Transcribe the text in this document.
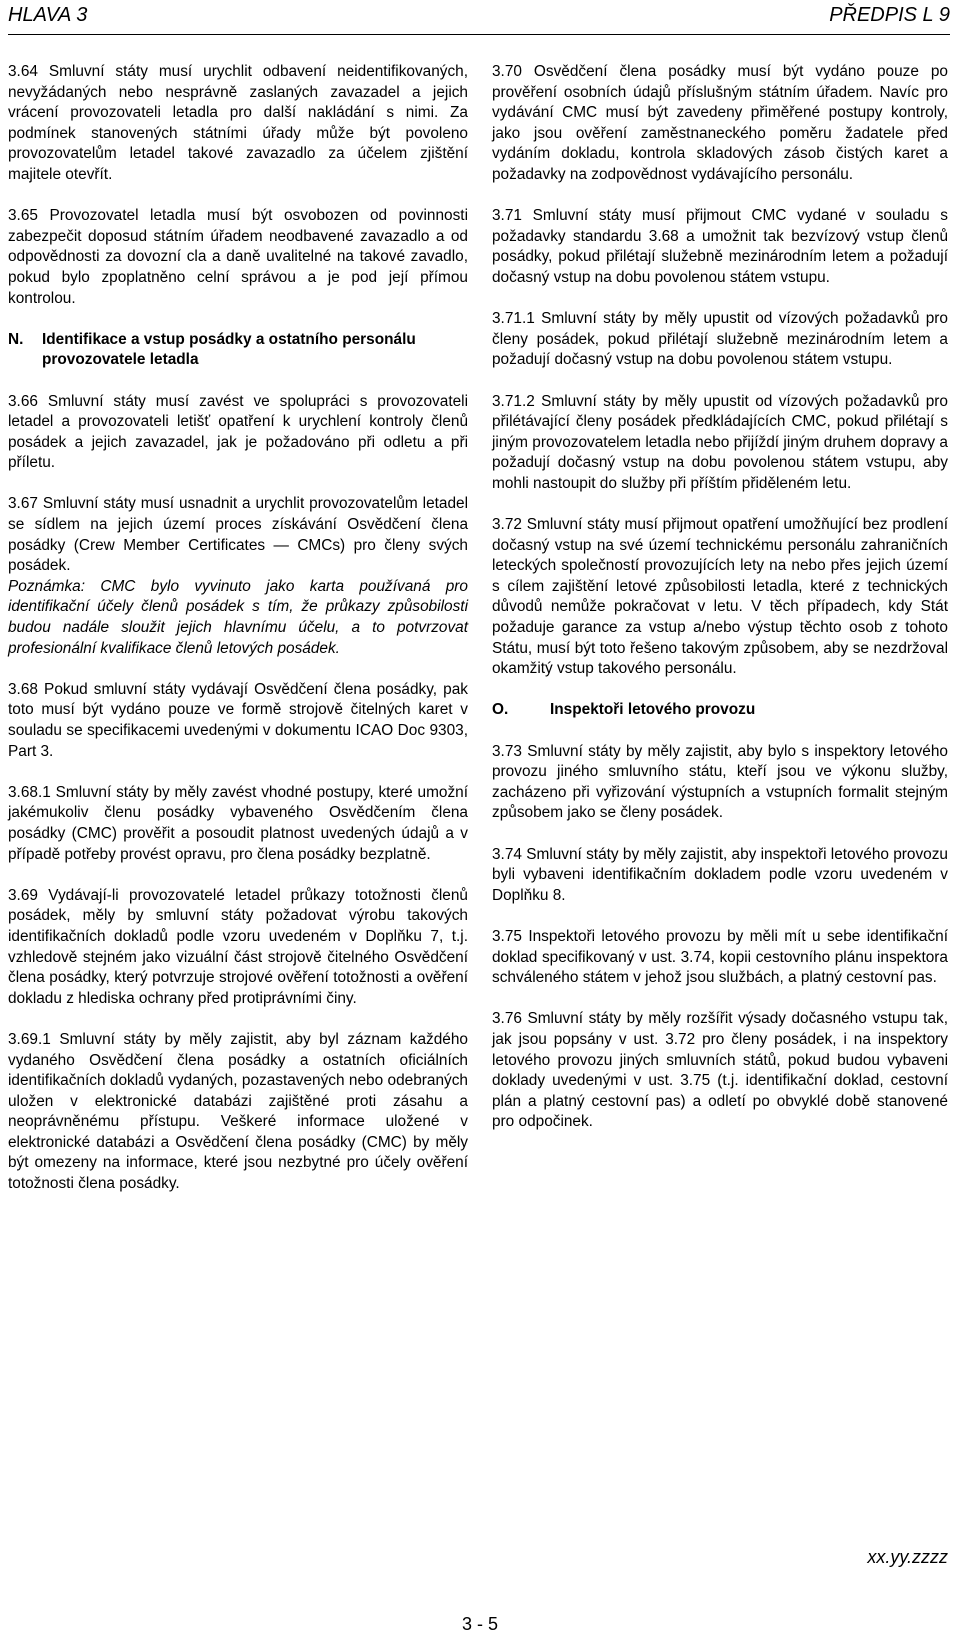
HLAVA 3	PŘEDPIS L 9

3.64 Smluvní státy musí urychlit odbavení neidentifikovaných, nevyžádaných nebo nesprávně zaslaných zavazadel a jejich vrácení provozovateli letadla pro další nakládání s nimi. Za podmínek stanovených státními úřady může být povoleno provozovatelům letadel takové zavazadlo za účelem zjištění majitele otevřít.

3.65 Provozovatel letadla musí být osvobozen od povinnosti zabezpečit doposud státním úřadem neodbavené zavazadlo a od odpovědnosti za dovozní cla a daně uvalitelné na takové zavadlo, pokud bylo zpoplatněno celní správou a je pod její přímou kontrolou.

N.	Identifikace a vstup posádky a ostatního personálu provozovatele letadla

3.66 Smluvní státy musí zavést ve spolupráci s provozovateli letadel a provozovateli letišť opatření k urychlení kontroly členů posádek a jejich zavazadel, jak je požadováno při odletu a při příletu.

3.67 Smluvní státy musí usnadnit a urychlit provozovatelům letadel se sídlem na jejich území proces získávání Osvědčení člena posádky (Crew Member Certificates — CMCs) pro členy svých posádek.

Poznámka: CMC bylo vyvinuto jako karta používaná pro identifikační účely členů posádek s tím, že průkazy způsobilosti budou nadále sloužit jejich hlavnímu účelu, a to potvrzovat profesionální kvalifikace členů letových posádek.

3.68 Pokud smluvní státy vydávají Osvědčení člena posádky, pak toto musí být vydáno pouze ve formě strojově čitelných karet v souladu se specifikacemi uvedenými v dokumentu ICAO Doc 9303, Part 3.

3.68.1 Smluvní státy by měly zavést vhodné postupy, které umožní jakémukoliv členu posádky vybaveného Osvědčením člena posádky (CMC) prověřit a posoudit platnost uvedených údajů a v případě potřeby provést opravu, pro člena posádky bezplatně.

3.69 Vydávají-li provozovatelé letadel průkazy totožnosti členů posádek, měly by smluvní státy požadovat výrobu takových identifikačních dokladů podle vzoru uvedeném v Doplňku 7, t.j. vzhledově stejném jako vizuální část strojově čitelného Osvědčení člena posádky, který potvrzuje strojové ověření totožnosti a ověření dokladu z hlediska ochrany před protiprávními činy.

3.69.1 Smluvní státy by měly zajistit, aby byl záznam každého vydaného Osvědčení člena posádky a ostatních oficiálních identifikačních dokladů vydaných, pozastavených nebo odebraných uložen v elektronické databázi zajištěné proti zásahu a neoprávněnému přístupu. Veškeré informace uložené v elektronické databázi a Osvědčení člena posádky (CMC) by měly být omezeny na informace, které jsou nezbytné pro účely ověření totožnosti člena posádky.

3.70 Osvědčení člena posádky musí být vydáno pouze po prověření osobních údajů příslušným státním úřadem. Navíc pro vydávání CMC musí být zavedeny přiměřené postupy kontroly, jako jsou ověření zaměstnaneckého poměru žadatele před vydáním dokladu, kontrola skladových zásob čistých karet a požadavky na zodpovědnost vydávajícího personálu.

3.71 Smluvní státy musí přijmout CMC vydané v souladu s požadavky standardu 3.68 a umožnit tak bezvízový vstup členů posádky, pokud přilétají služebně mezinárodním letem a požadují dočasný vstup na dobu povolenou státem vstupu.

3.71.1 Smluvní státy by měly upustit od vízových požadavků pro členy posádek, pokud přilétají služebně mezinárodním letem a požadují dočasný vstup na dobu povolenou státem vstupu.

3.71.2 Smluvní státy by měly upustit od vízových požadavků pro přilétávající členy posádek předkládajících CMC, pokud přilétají s jiným provozovatelem letadla nebo přijíždí jiným druhem dopravy a požadují dočasný vstup na dobu povolenou státem vstupu, aby mohli nastoupit do služby při příštím přiděleném letu.

3.72 Smluvní státy musí přijmout opatření umožňující bez prodlení dočasný vstup na své území technickému personálu zahraničních leteckých společností provozujících lety na nebo přes jejich území s cílem zajištění letové způsobilosti letadla, které z technických důvodů nemůže pokračovat v letu. V těch případech, kdy Stát požaduje garance za vstup a/nebo výstup těchto osob z tohoto Státu, musí být toto řešeno takovým způsobem, aby se nezdržoval okamžitý vstup takového personálu.

O.	Inspektoři letového provozu

3.73 Smluvní státy by měly zajistit, aby bylo s inspektory letového provozu jiného smluvního státu, kteří jsou ve výkonu služby, zacházeno při vyřizování výstupních a vstupních formalit stejným způsobem jako se členy posádek.

3.74 Smluvní státy by měly zajistit, aby inspektoři letového provozu byli vybaveni identifikačním dokladem podle vzoru uvedeném v Doplňku 8.

3.75 Inspektoři letového provozu by měli mít u sebe identifikační doklad specifikovaný v ust. 3.74, kopii cestovního plánu inspektora schváleného státem v jehož jsou službách, a platný cestovní pas.

3.76 Smluvní státy by měly rozšířit výsady dočasného vstupu tak, jak jsou popsány v ust. 3.72 pro členy posádek, i na inspektory letového provozu jiných smluvních států, pokud budou vybaveni doklady uvedenými v ust. 3.75 (t.j. identifikační doklad, cestovní plán a platný cestovní pas) a odletí po obvyklé době stanovené pro odpočinek.

xx.yy.zzzz
3 - 5
